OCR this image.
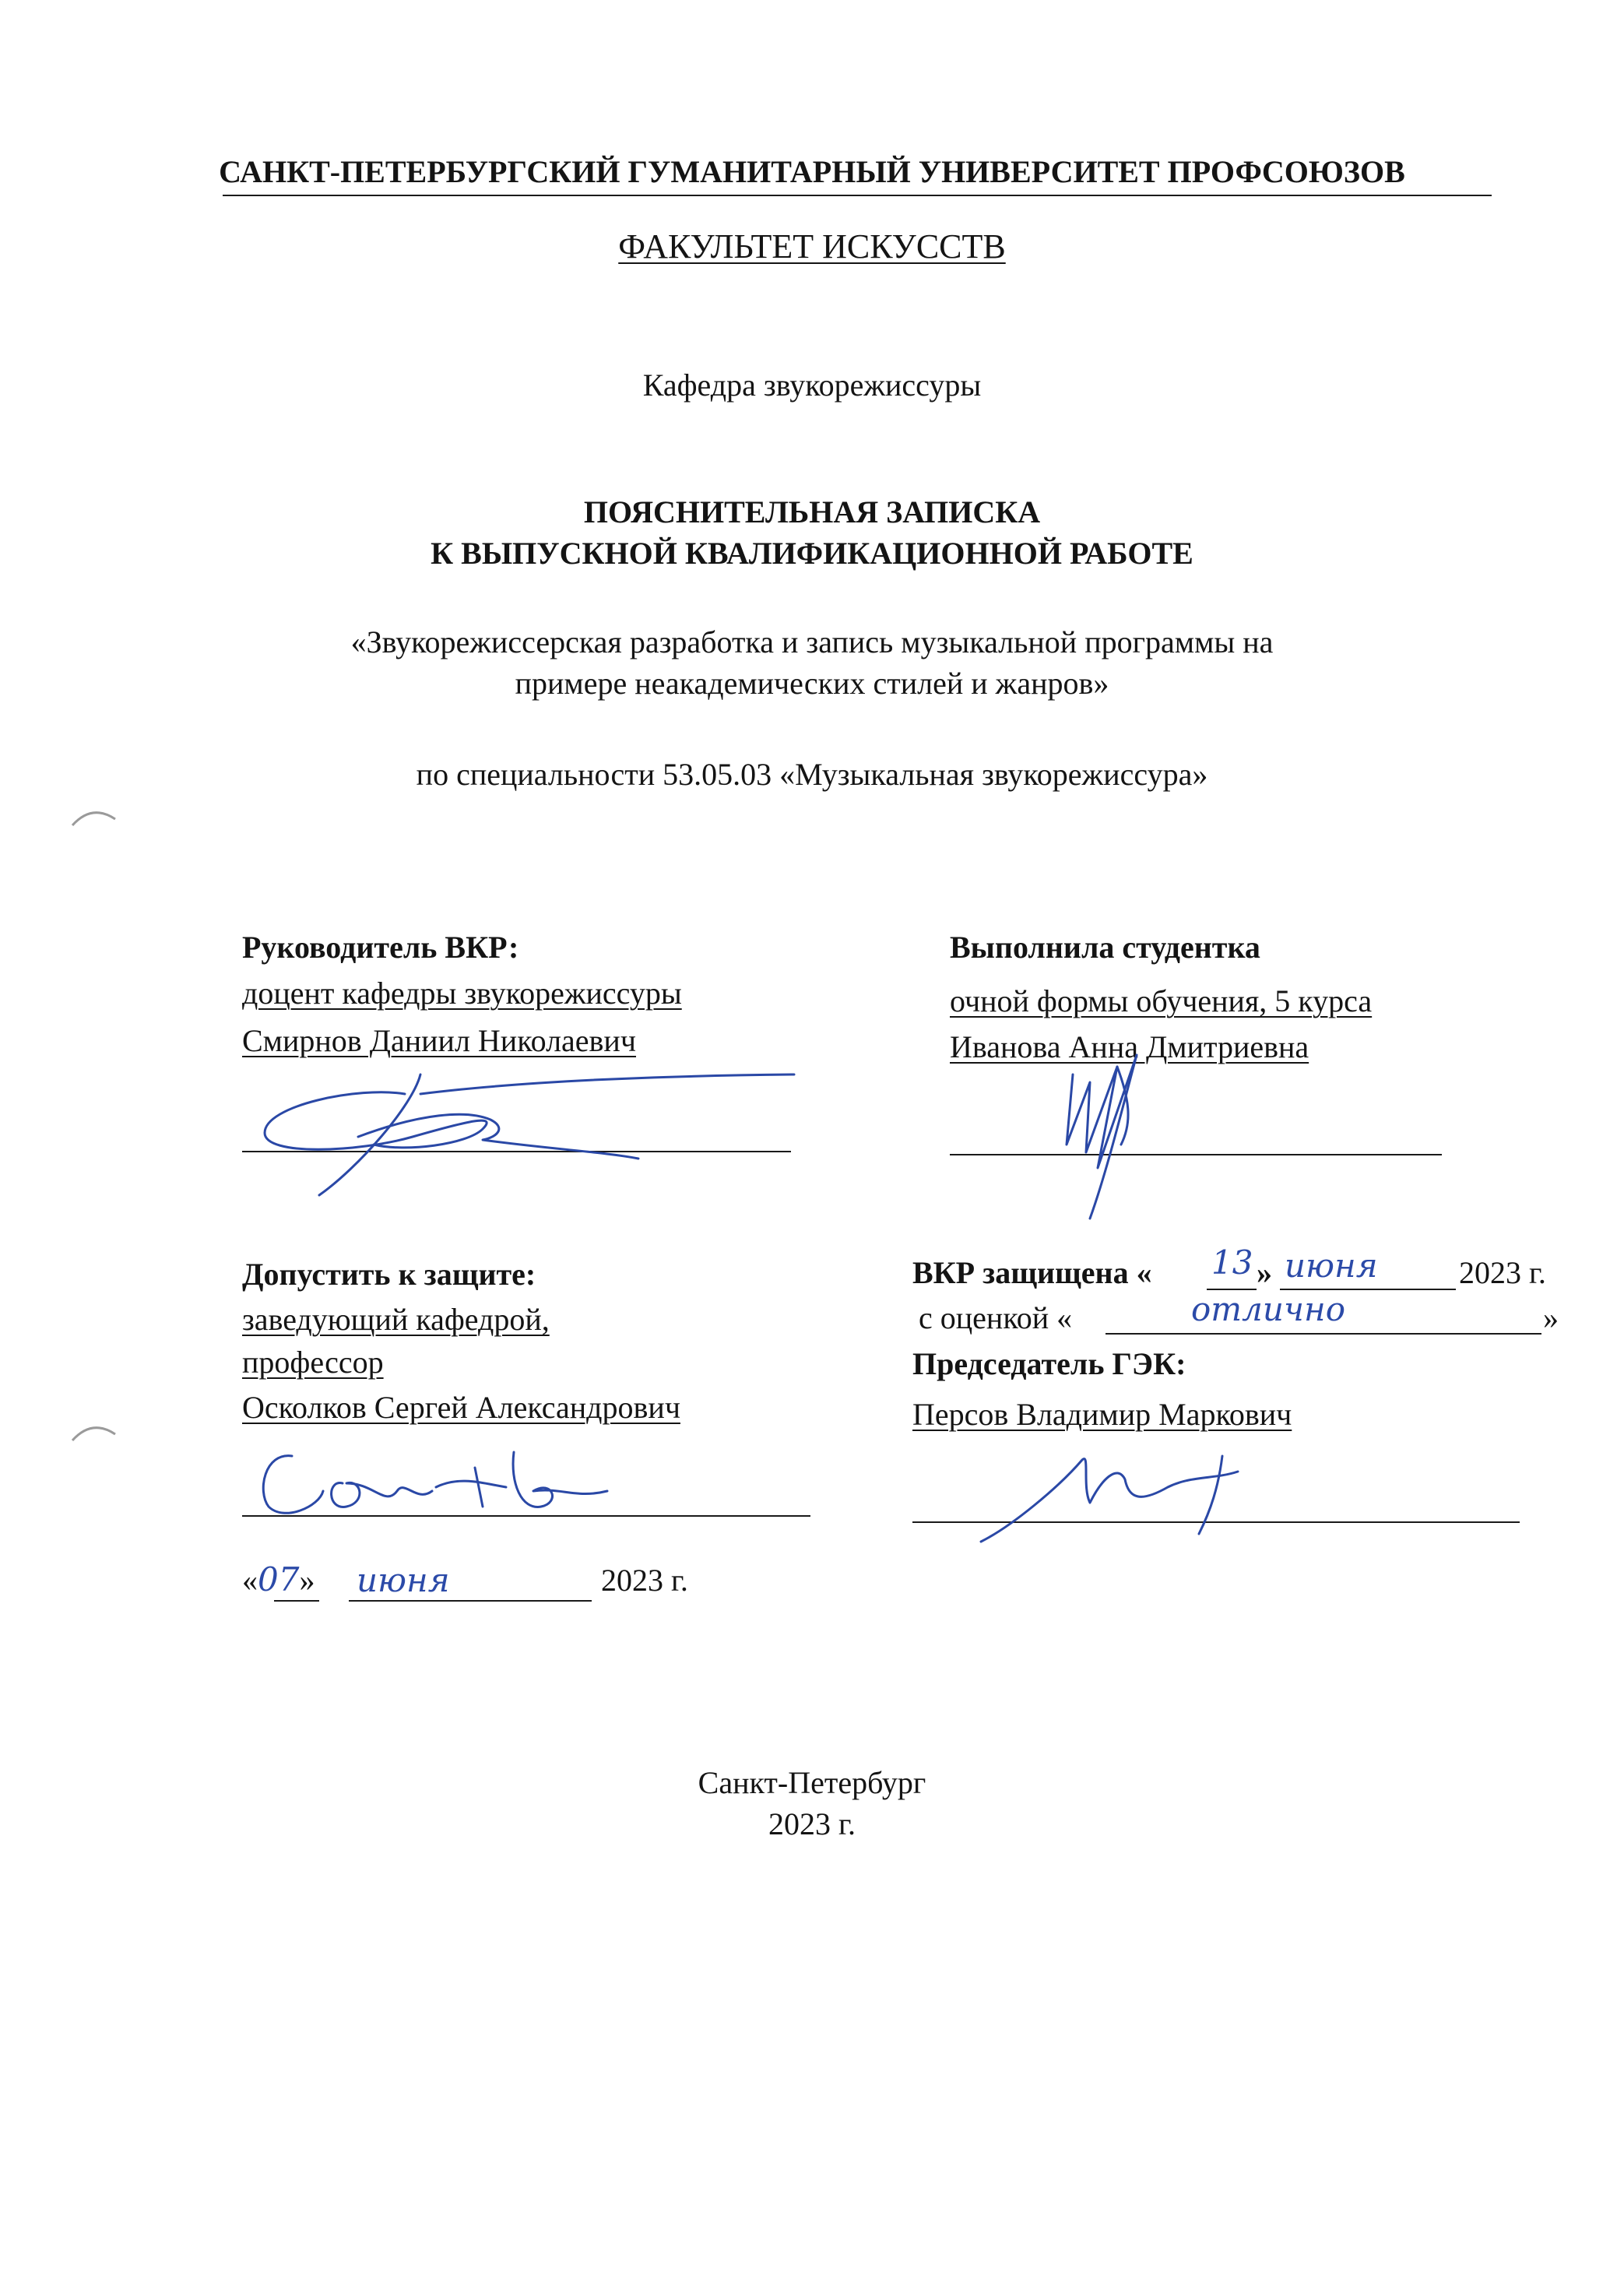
САНКТ-ПЕТЕРБУРГСКИЙ ГУМАНИТАРНЫЙ УНИВЕРСИТЕТ ПРОФСОЮЗОВ
ФАКУЛЬТЕТ ИСКУССТВ
Кафедра звукорежиссуры
ПОЯСНИТЕЛЬНАЯ ЗАПИСКА
К ВЫПУСКНОЙ КВАЛИФИКАЦИОННОЙ РАБОТЕ
«Звукорежиссерская разработка и запись музыкальной программы на
примере неакадемических стилей и жанров»
по специальности 53.05.03 «Музыкальная звукорежиссура»
Руководитель ВКР:
доцент кафедры звукорежиссуры
Смирнов Даниил Николаевич
Выполнила студентка
очной формы обучения, 5 курса
Иванова Анна Дмитриевна
Допустить к защите:
заведующий кафедрой,
профессор
Осколков Сергей Александрович
«07» июня	2023 г.
ВКР защищена « 13 » июня	2023 г.
с оценкой «	отлично	»
Председатель ГЭК:
Персов Владимир Маркович
Санкт-Петербург
2023 г.
